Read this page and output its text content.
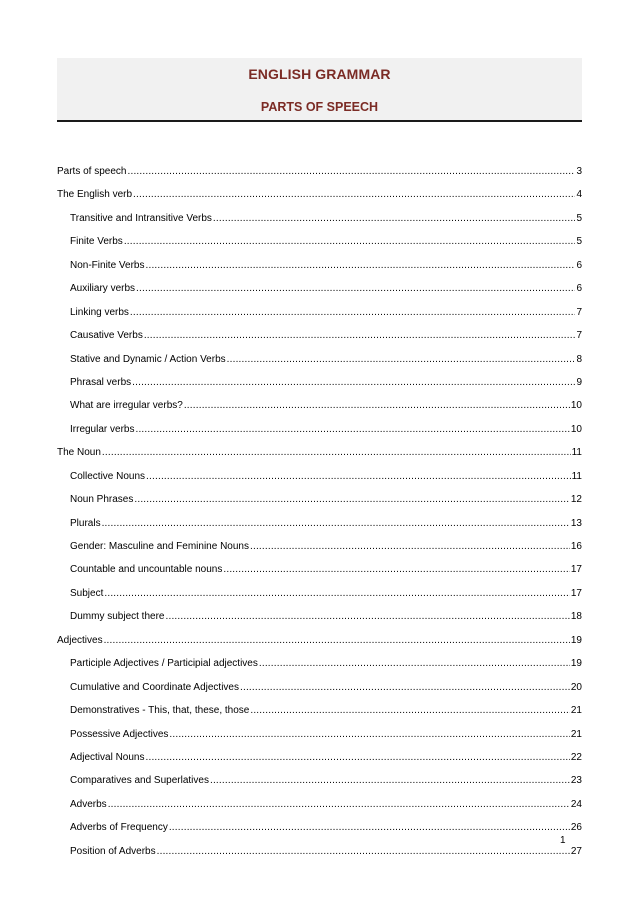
ENGLISH GRAMMAR
PARTS OF SPEECH
Parts of speech .....	3
The English verb .....	4
Transitive and Intransitive Verbs .....	5
Finite Verbs .....	5
Non-Finite Verbs .....	6
Auxiliary verbs .....	6
Linking verbs .....	7
Causative Verbs .....	7
Stative and Dynamic / Action Verbs .....	8
Phrasal verbs .....	9
What are irregular verbs? .....	10
Irregular verbs .....	10
The Noun .....	11
Collective Nouns .....	11
Noun Phrases .....	12
Plurals .....	13
Gender: Masculine and Feminine Nouns .....	16
Countable and uncountable nouns .....	17
Subject .....	17
Dummy subject there .....	18
Adjectives .....	19
Participle Adjectives / Participial adjectives .....	19
Cumulative and Coordinate Adjectives .....	20
Demonstratives - This, that, these, those .....	21
Possessive Adjectives .....	21
Adjectival Nouns .....	22
Comparatives and Superlatives .....	23
Adverbs .....	24
Adverbs of Frequency .....	26
Position of Adverbs .....	27
1
